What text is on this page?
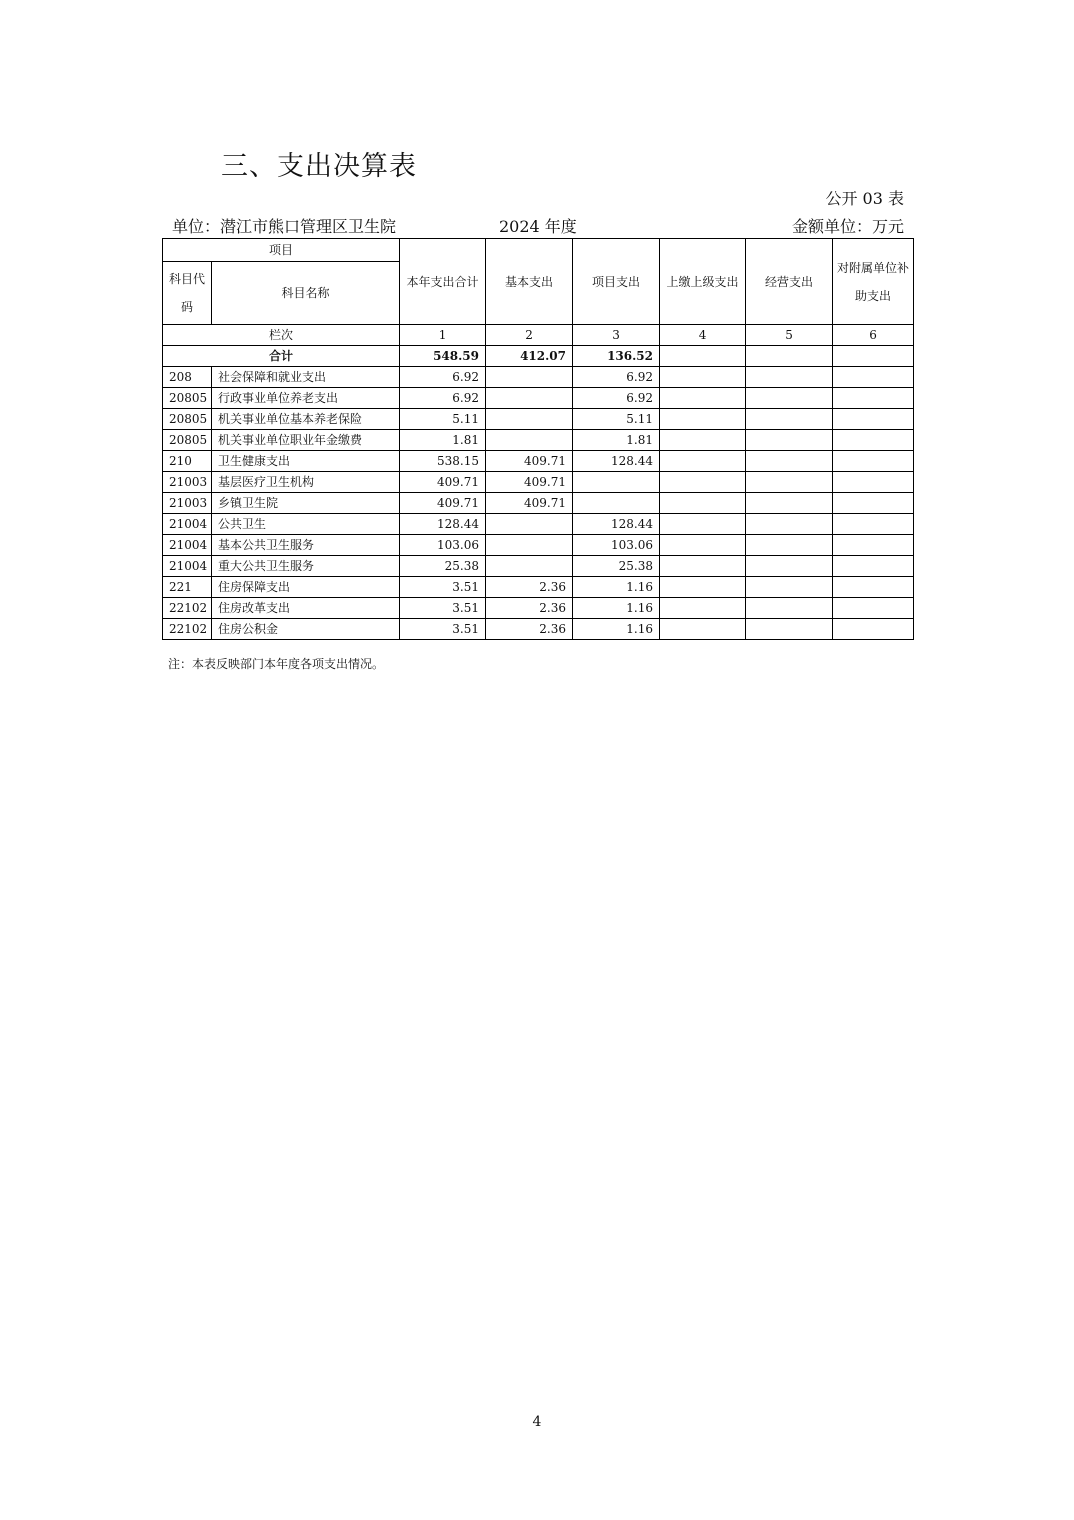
三、支出决算表
公开 03 表
单位：潜江市熊口管理区卫生院	2024 年度	金额单位：万元
项目		本年支出合计	基本支出	项目支出	上缴上级支出	经营支出	对附属单位补助支出
科目代码	科目名称						
栏次		1	2	3	4	5	6
合计		548.59	412.07	136.52			
208	社会保障和就业支出	6.92		6.92			
20805	行政事业单位养老支出	6.92		6.92			
20805	机关事业单位基本养老保险	5.11		5.11			
20805	机关事业单位职业年金缴费	1.81		1.81			
210	卫生健康支出	538.15	409.71	128.44			
21003	基层医疗卫生机构	409.71	409.71				
21003	乡镇卫生院	409.71	409.71				
21004	公共卫生	128.44		128.44			
21004	基本公共卫生服务	103.06		103.06			
21004	重大公共卫生服务	25.38		25.38			
221	住房保障支出	3.51	2.36	1.16			
22102	住房改革支出	3.51	2.36	1.16			
22102	住房公积金	3.51	2.36	1.16			
注：本表反映部门本年度各项支出情况。
4
